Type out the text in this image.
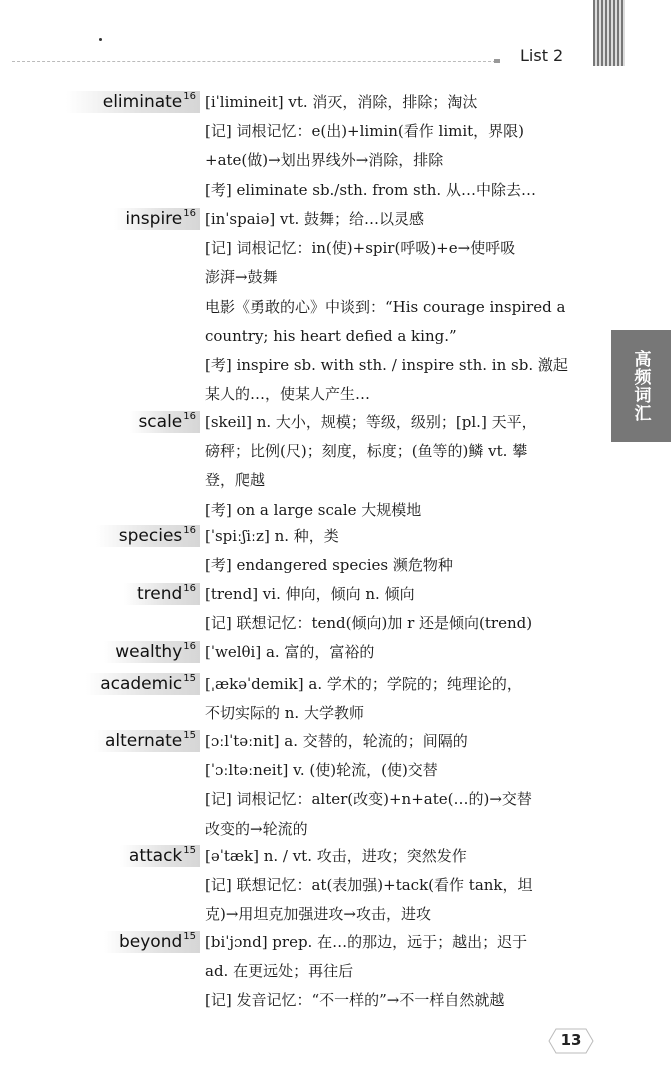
List 2
高频词汇
eliminate$^{16}$ [iˈlimineit] vt. 消灭，消除，排除；淘汰
[记] 词根记忆：e(出)+limin(看作 limit，界限)
+ate(做)→划出界线外→消除，排除
[考] eliminate sb./sth. from sth. 从…中除去…
inspire$^{16}$ [inˈspaiə] vt. 鼓舞；给…以灵感
[记] 词根记忆：in(使)+spir(呼吸)+e→使呼吸
澎湃→鼓舞
电影《勇敢的心》中谈到：“His courage inspired a
country; his heart defied a king.”
[考] inspire sb. with sth. / inspire sth. in sb. 激起
某人的…，使某人产生…
scale$^{16}$ [skeil] n. 大小，规模；等级，级别；[pl.] 天平，
磅秤；比例(尺)；刻度，标度；(鱼等的)鳞 vt. 攀
登，爬越
[考] on a large scale 大规模地
species$^{16}$ [ˈspiːʃiːz] n. 种，类
[考] endangered species 濒危物种
trend$^{16}$ [trend] vi. 伸向，倾向 n. 倾向
[记] 联想记忆：tend(倾向)加 r 还是倾向(trend)
wealthy$^{16}$ [ˈwelθi] a. 富的，富裕的
academic$^{15}$ [ˌækəˈdemik] a. 学术的；学院的；纯理论的，
不切实际的 n. 大学教师
alternate$^{15}$ [ɔːlˈtəːnit] a. 交替的，轮流的；间隔的
[ˈɔːltəːneit] v. (使)轮流，(使)交替
[记] 词根记忆：alter(改变)+n+ate(…的)→交替
改变的→轮流的
attack$^{15}$ [əˈtæk] n. / vt. 攻击，进攻；突然发作
[记] 联想记忆：at(表加强)+tack(看作 tank，坦
克)→用坦克加强进攻→攻击，进攻
beyond$^{15}$ [biˈjɔnd] prep. 在…的那边，远于；越出；迟于
ad. 在更远处；再往后
[记] 发音记忆：“不一样的”→不一样自然就越
13
